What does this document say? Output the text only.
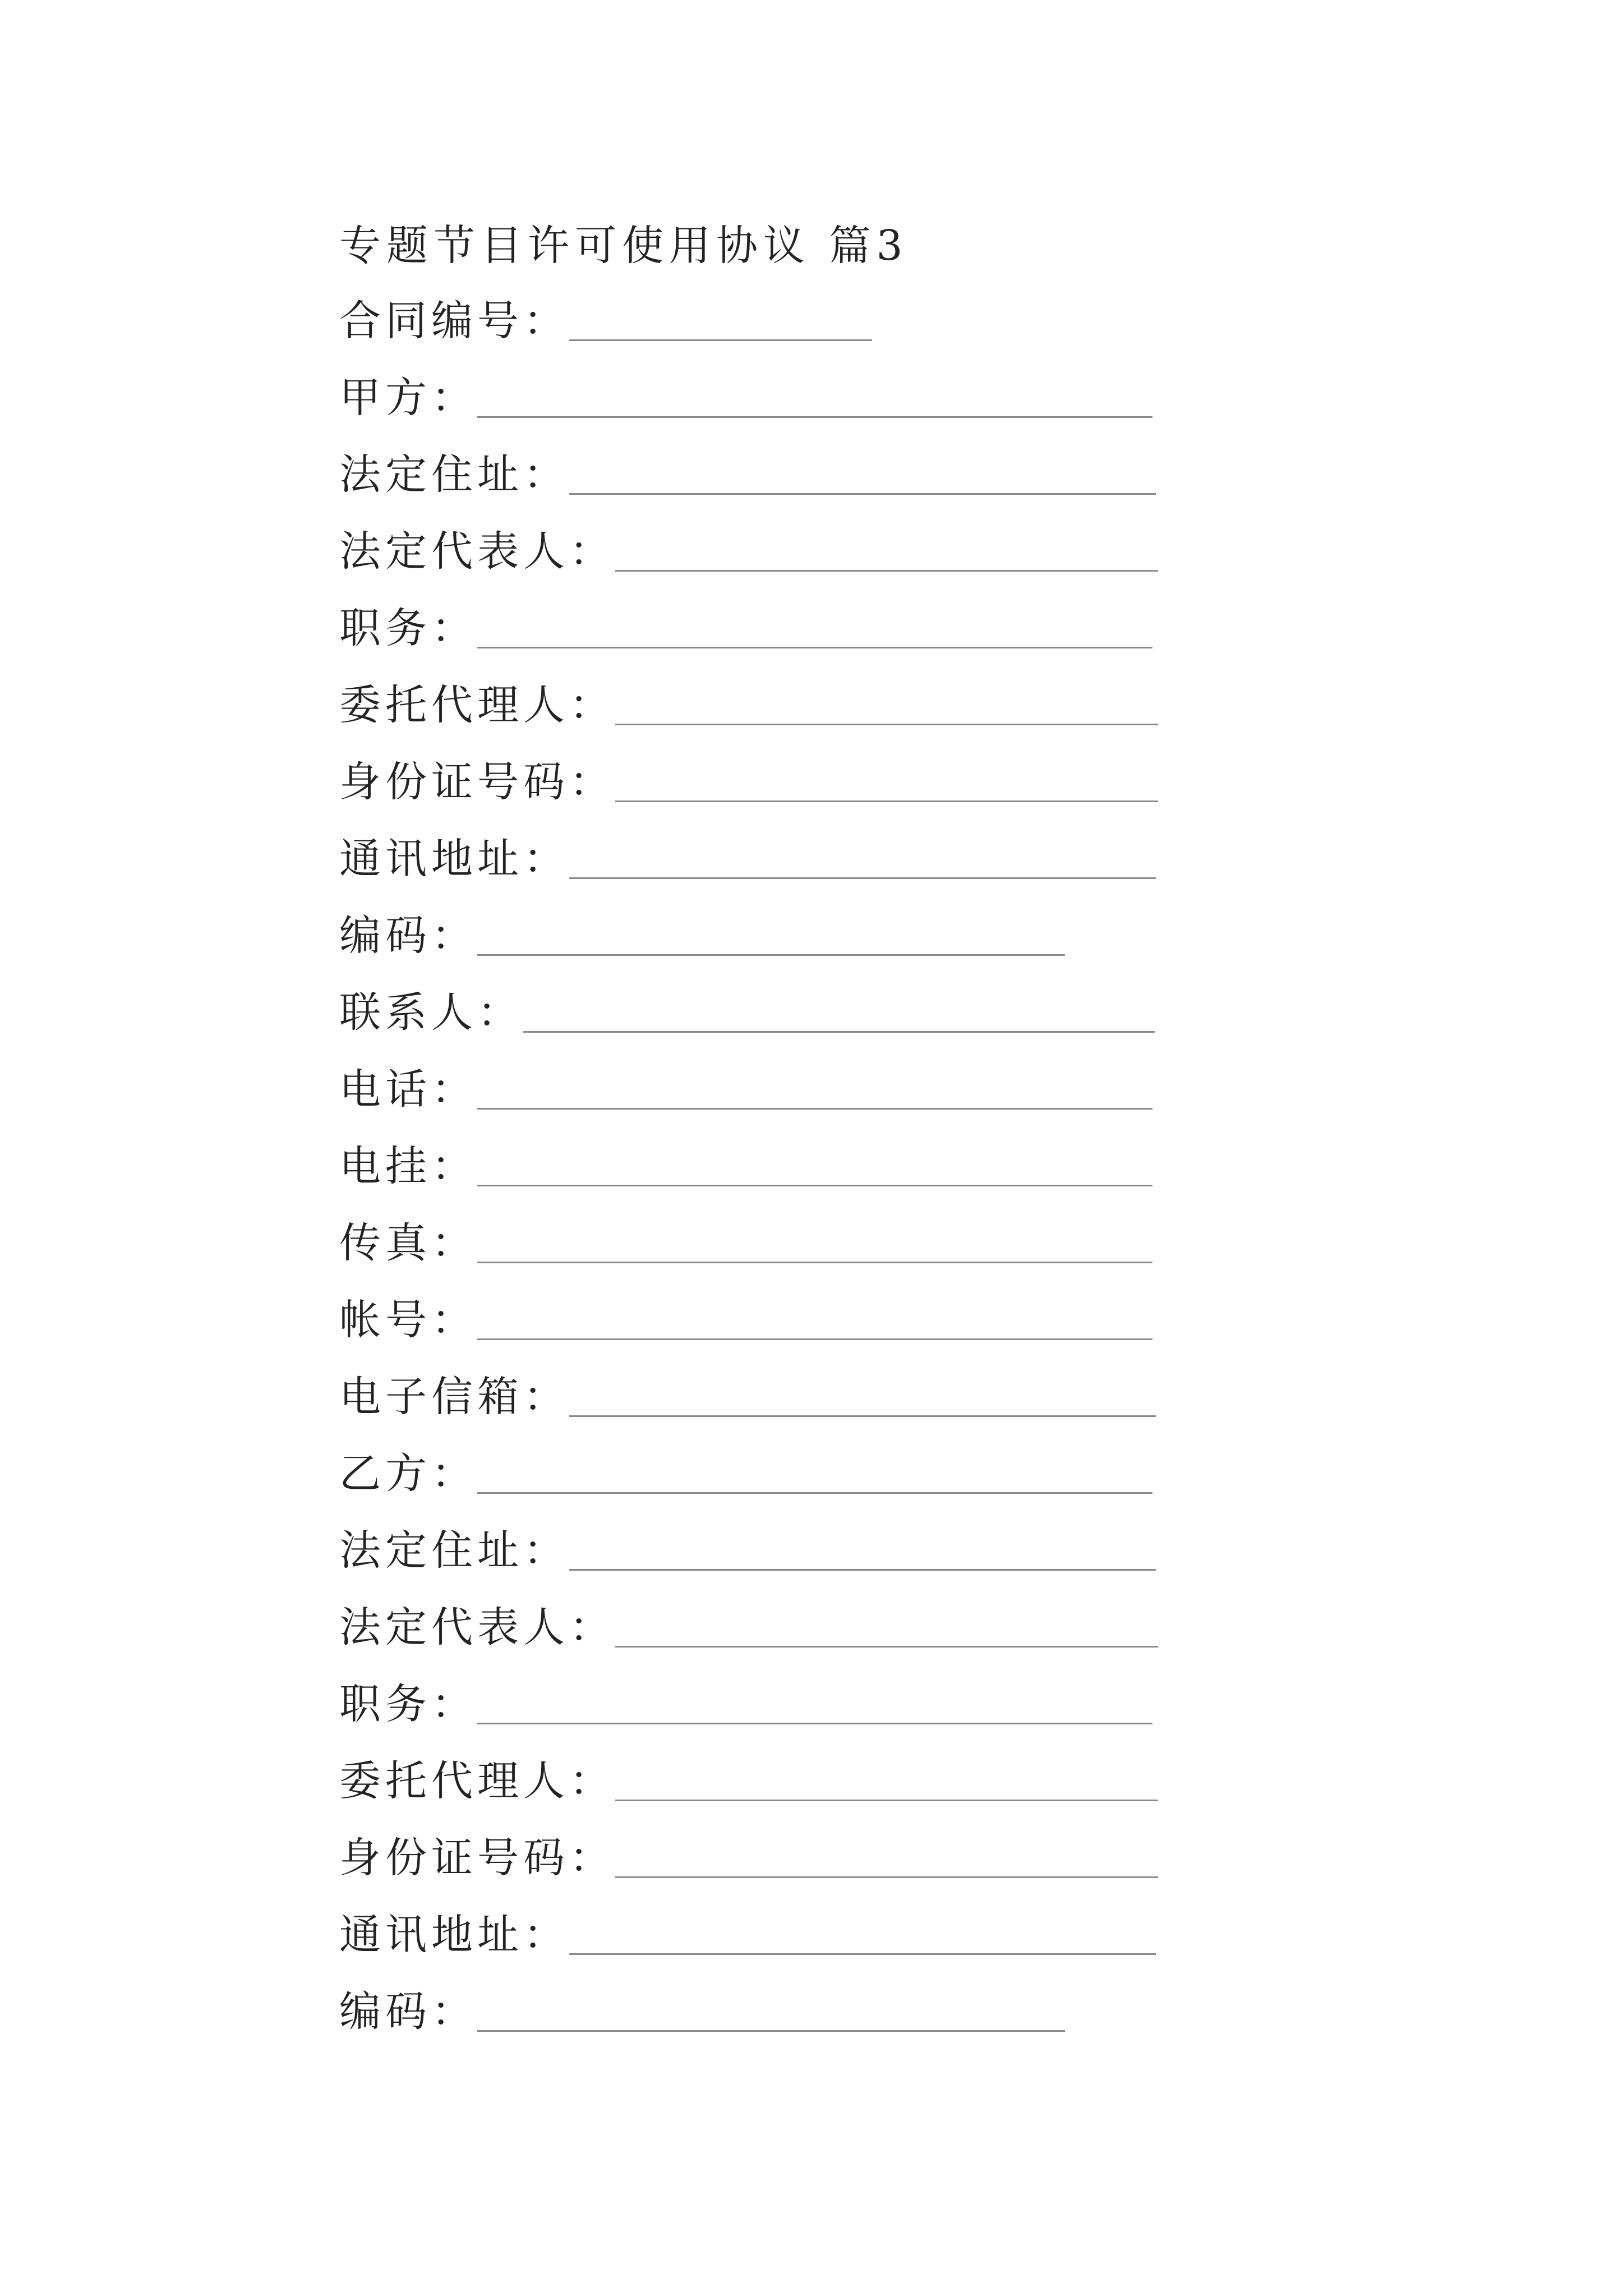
专题节目许可使用协议 篇3
合同编号：
甲方：
法定住址：
法定代表人：
职务：
委托代理人：
身份证号码：
通讯地址：
编码：
联系人：
电话：
电挂：
传真：
帐号：
电子信箱：
乙方：
法定住址：
法定代表人：
职务：
委托代理人：
身份证号码：
通讯地址：
编码：
